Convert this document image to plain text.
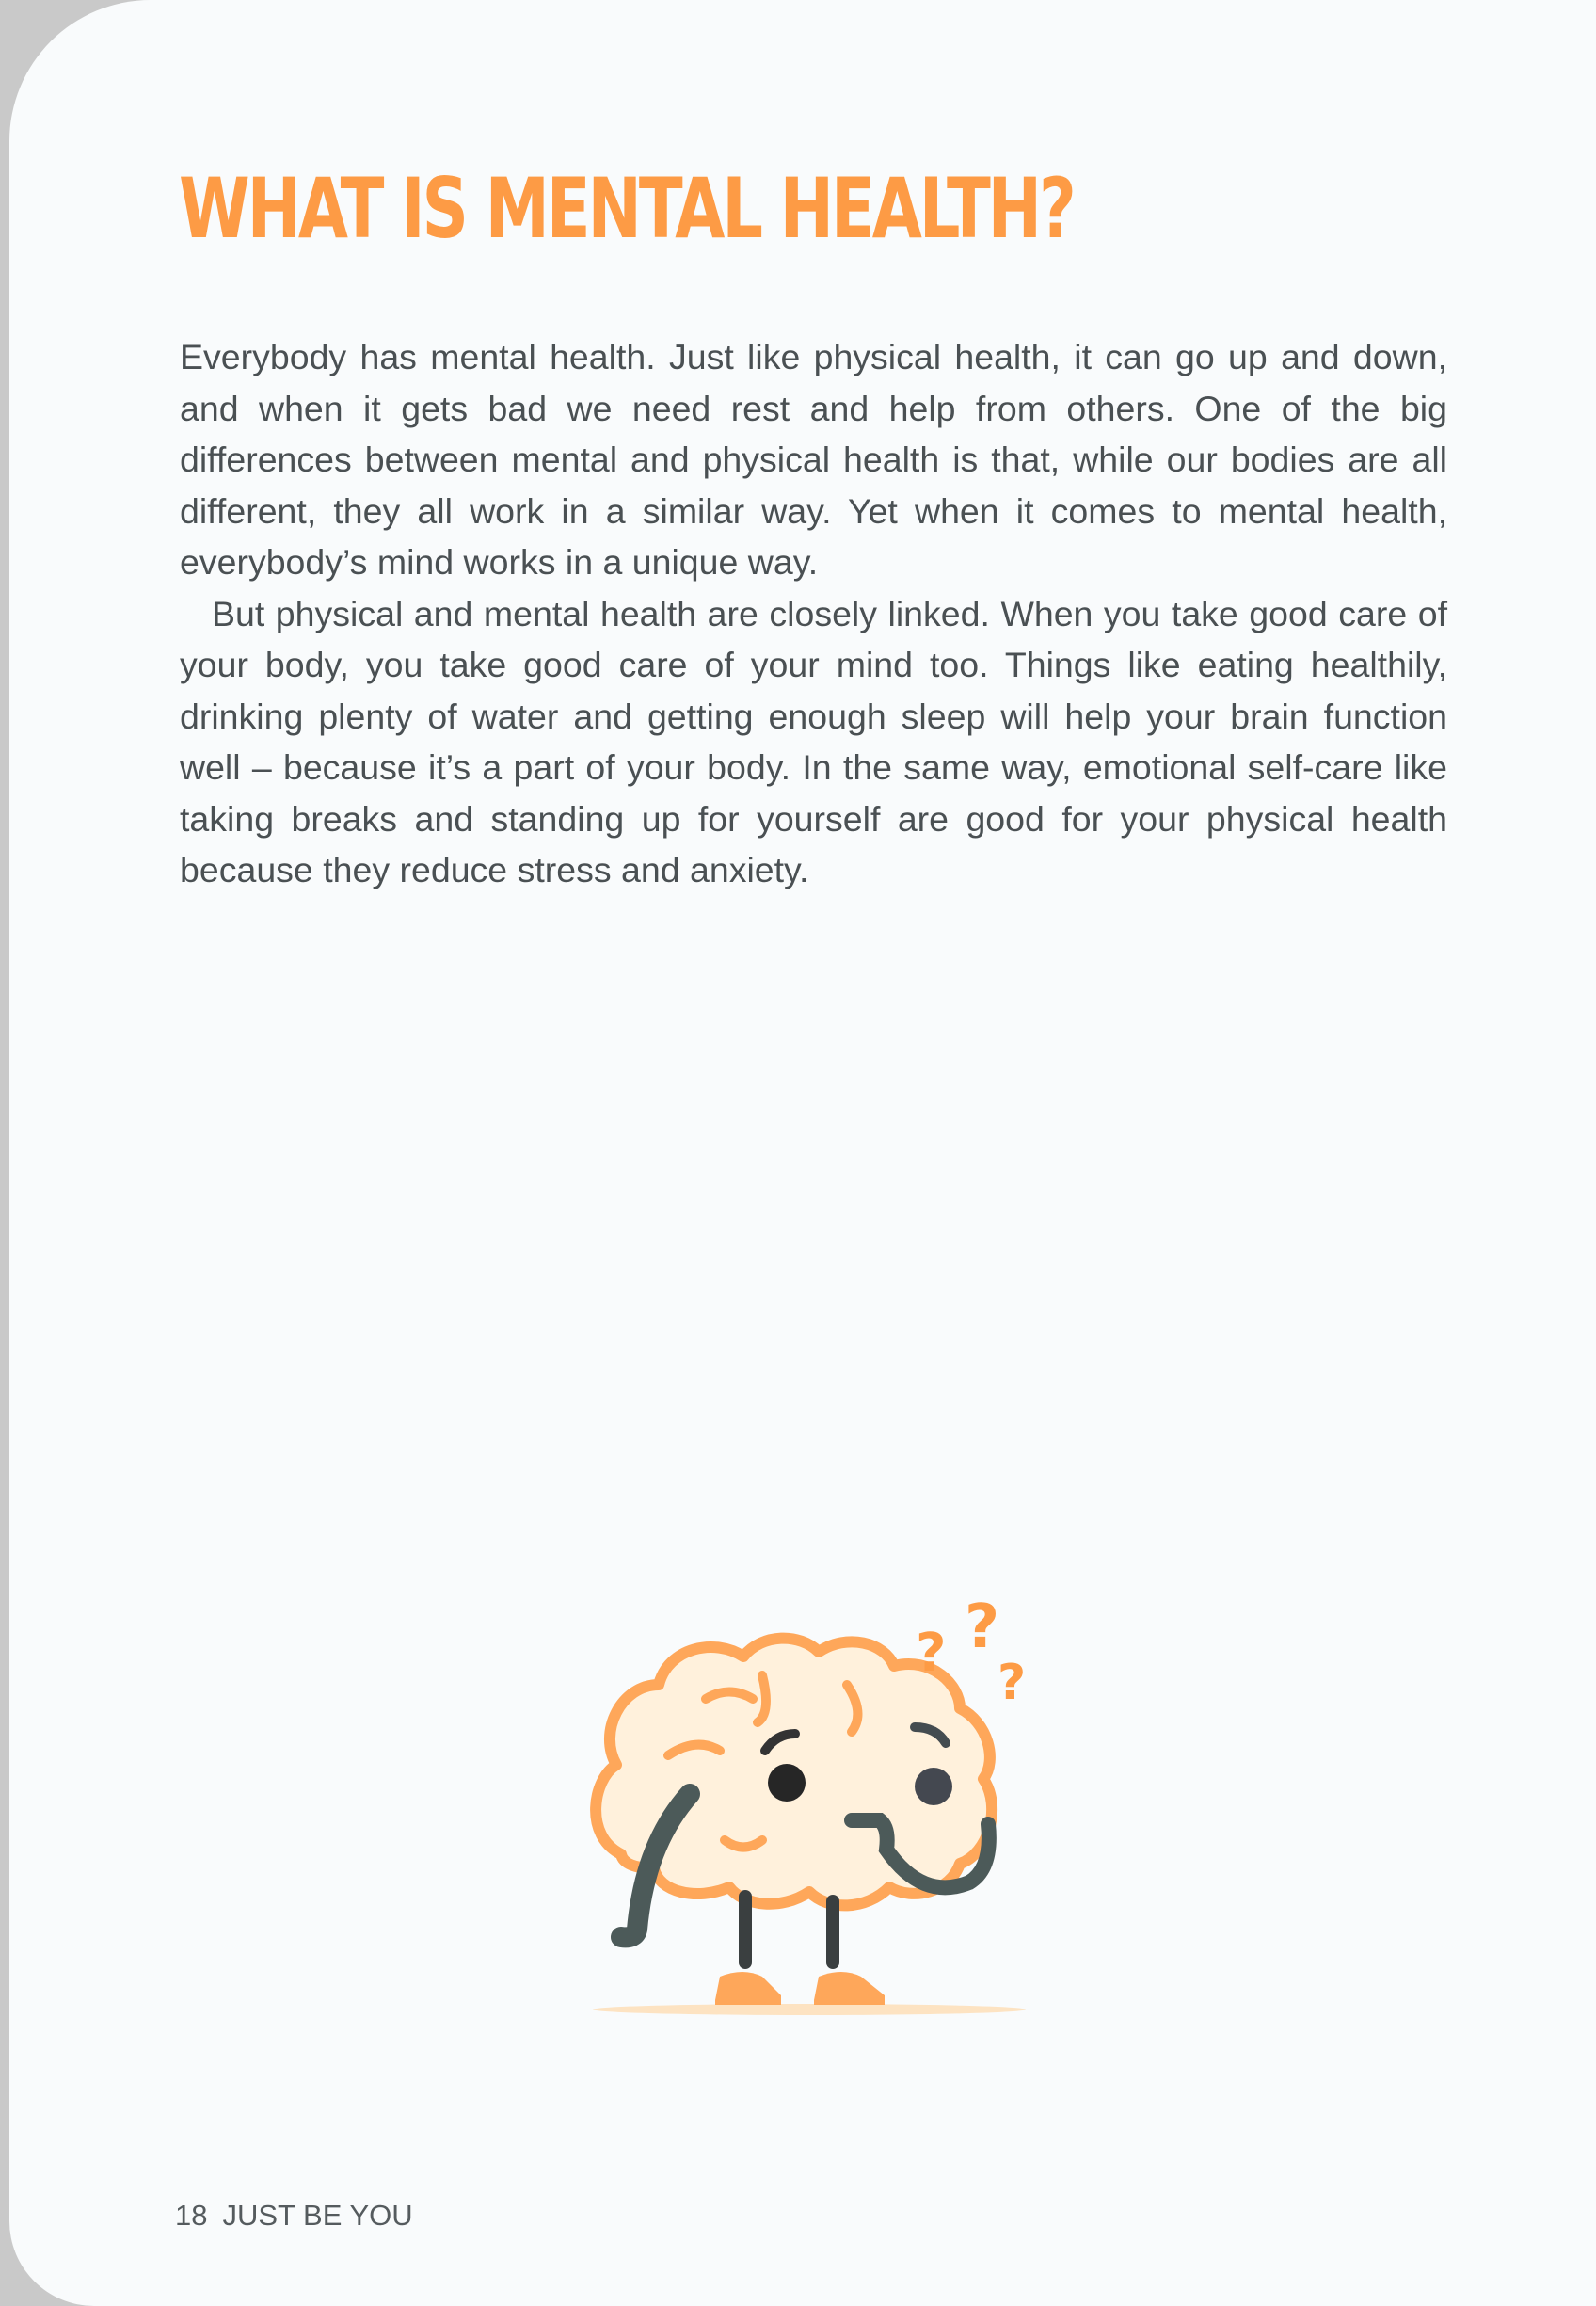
WHAT IS MENTAL HEALTH?

Everybody has mental health. Just like physical health, it can go up and down, and when it gets bad we need rest and help from others. One of the big differences between mental and physical health is that, while our bodies are all different, they all work in a similar way. Yet when it comes to mental health, everybody’s mind works in a unique way.

But physical and mental health are closely linked. When you take good care of your body, you take good care of your mind too. Things like eating healthily, drinking plenty of water and getting enough sleep will help your brain function well – because it’s a part of your body. In the same way, emotional self-care like taking breaks and standing up for yourself are good for your physical health because they reduce stress and anxiety.

? ?
?
18 JUST BE YOU
